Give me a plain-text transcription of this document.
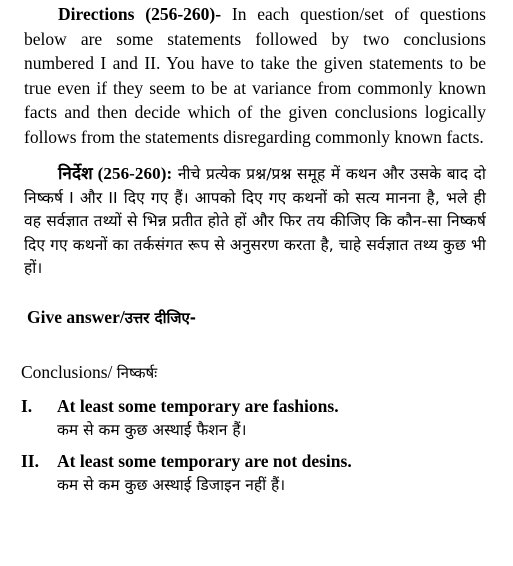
Directions (256-260)- In each question/set of questions below are some statements followed by two conclusions numbered I and II. You have to take the given statements to be true even if they seem to be at variance from commonly known facts and then decide which of the given conclusions logically follows from the statements disregarding commonly known facts.

निर्देश (256-260): नीचे प्रत्येक प्रश्न/प्रश्न समूह में कथन और उसके बाद दो निष्कर्ष I और II दिए गए हैं। आपको दिए गए कथनों को सत्य मानना है, भले ही वह सर्वज्ञात तथ्यों से भिन्न प्रतीत होते हों और फिर तय कीजिए कि कौन-सा निष्कर्ष दिए गए कथनों का तर्कसंगत रूप से अनुसरण करता है, चाहे सर्वज्ञात तथ्य कुछ भी हों।

Give answer/उत्तर दीजिए-

Conclusions/ निष्कर्षः

I. At least some temporary are fashions.
कम से कम कुछ अस्थाई फैशन हैं।
II. At least some temporary are not desins.
कम से कम कुछ अस्थाई डिजाइन नहीं हैं।
